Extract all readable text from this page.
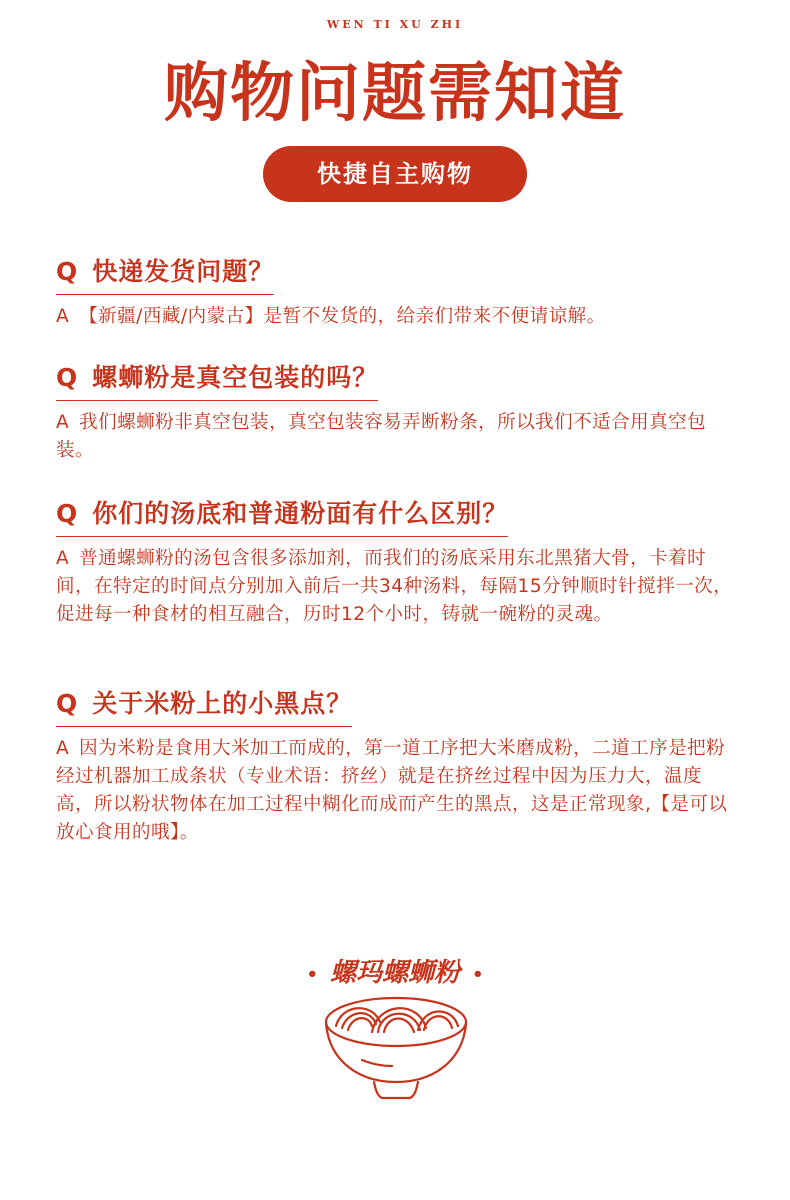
WEN TI XU ZHI
购物问题需知道
快捷自主购物
Q 快递发货问题？
A 【新疆/西藏/内蒙古】是暂不发货的，给亲们带来不便请谅解。
Q 螺蛳粉是真空包装的吗？
A 我们螺蛳粉非真空包装，真空包装容易弄断粉条，所以我们不适合用真空包装。
Q 你们的汤底和普通粉面有什么区别？
A 普通螺蛳粉的汤包含很多添加剂，而我们的汤底采用东北黑猪大骨，卡着时间，在特定的时间点分别加入前后一共34种汤料，每隔15分钟顺时针搅拌一次，促进每一种食材的相互融合，历时12个小时，铸就一碗粉的灵魂。
Q 关于米粉上的小黑点？
A 因为米粉是食用大米加工而成的，第一道工序把大米磨成粉，二道工序是把粉经过机器加工成条状（专业术语：挤丝）就是在挤丝过程中因为压力大，温度高，所以粉状物体在加工过程中糊化而成而产生的黑点，这是正常现象,【是可以放心食用的哦】。
• 螺玛螺蛳粉 •
